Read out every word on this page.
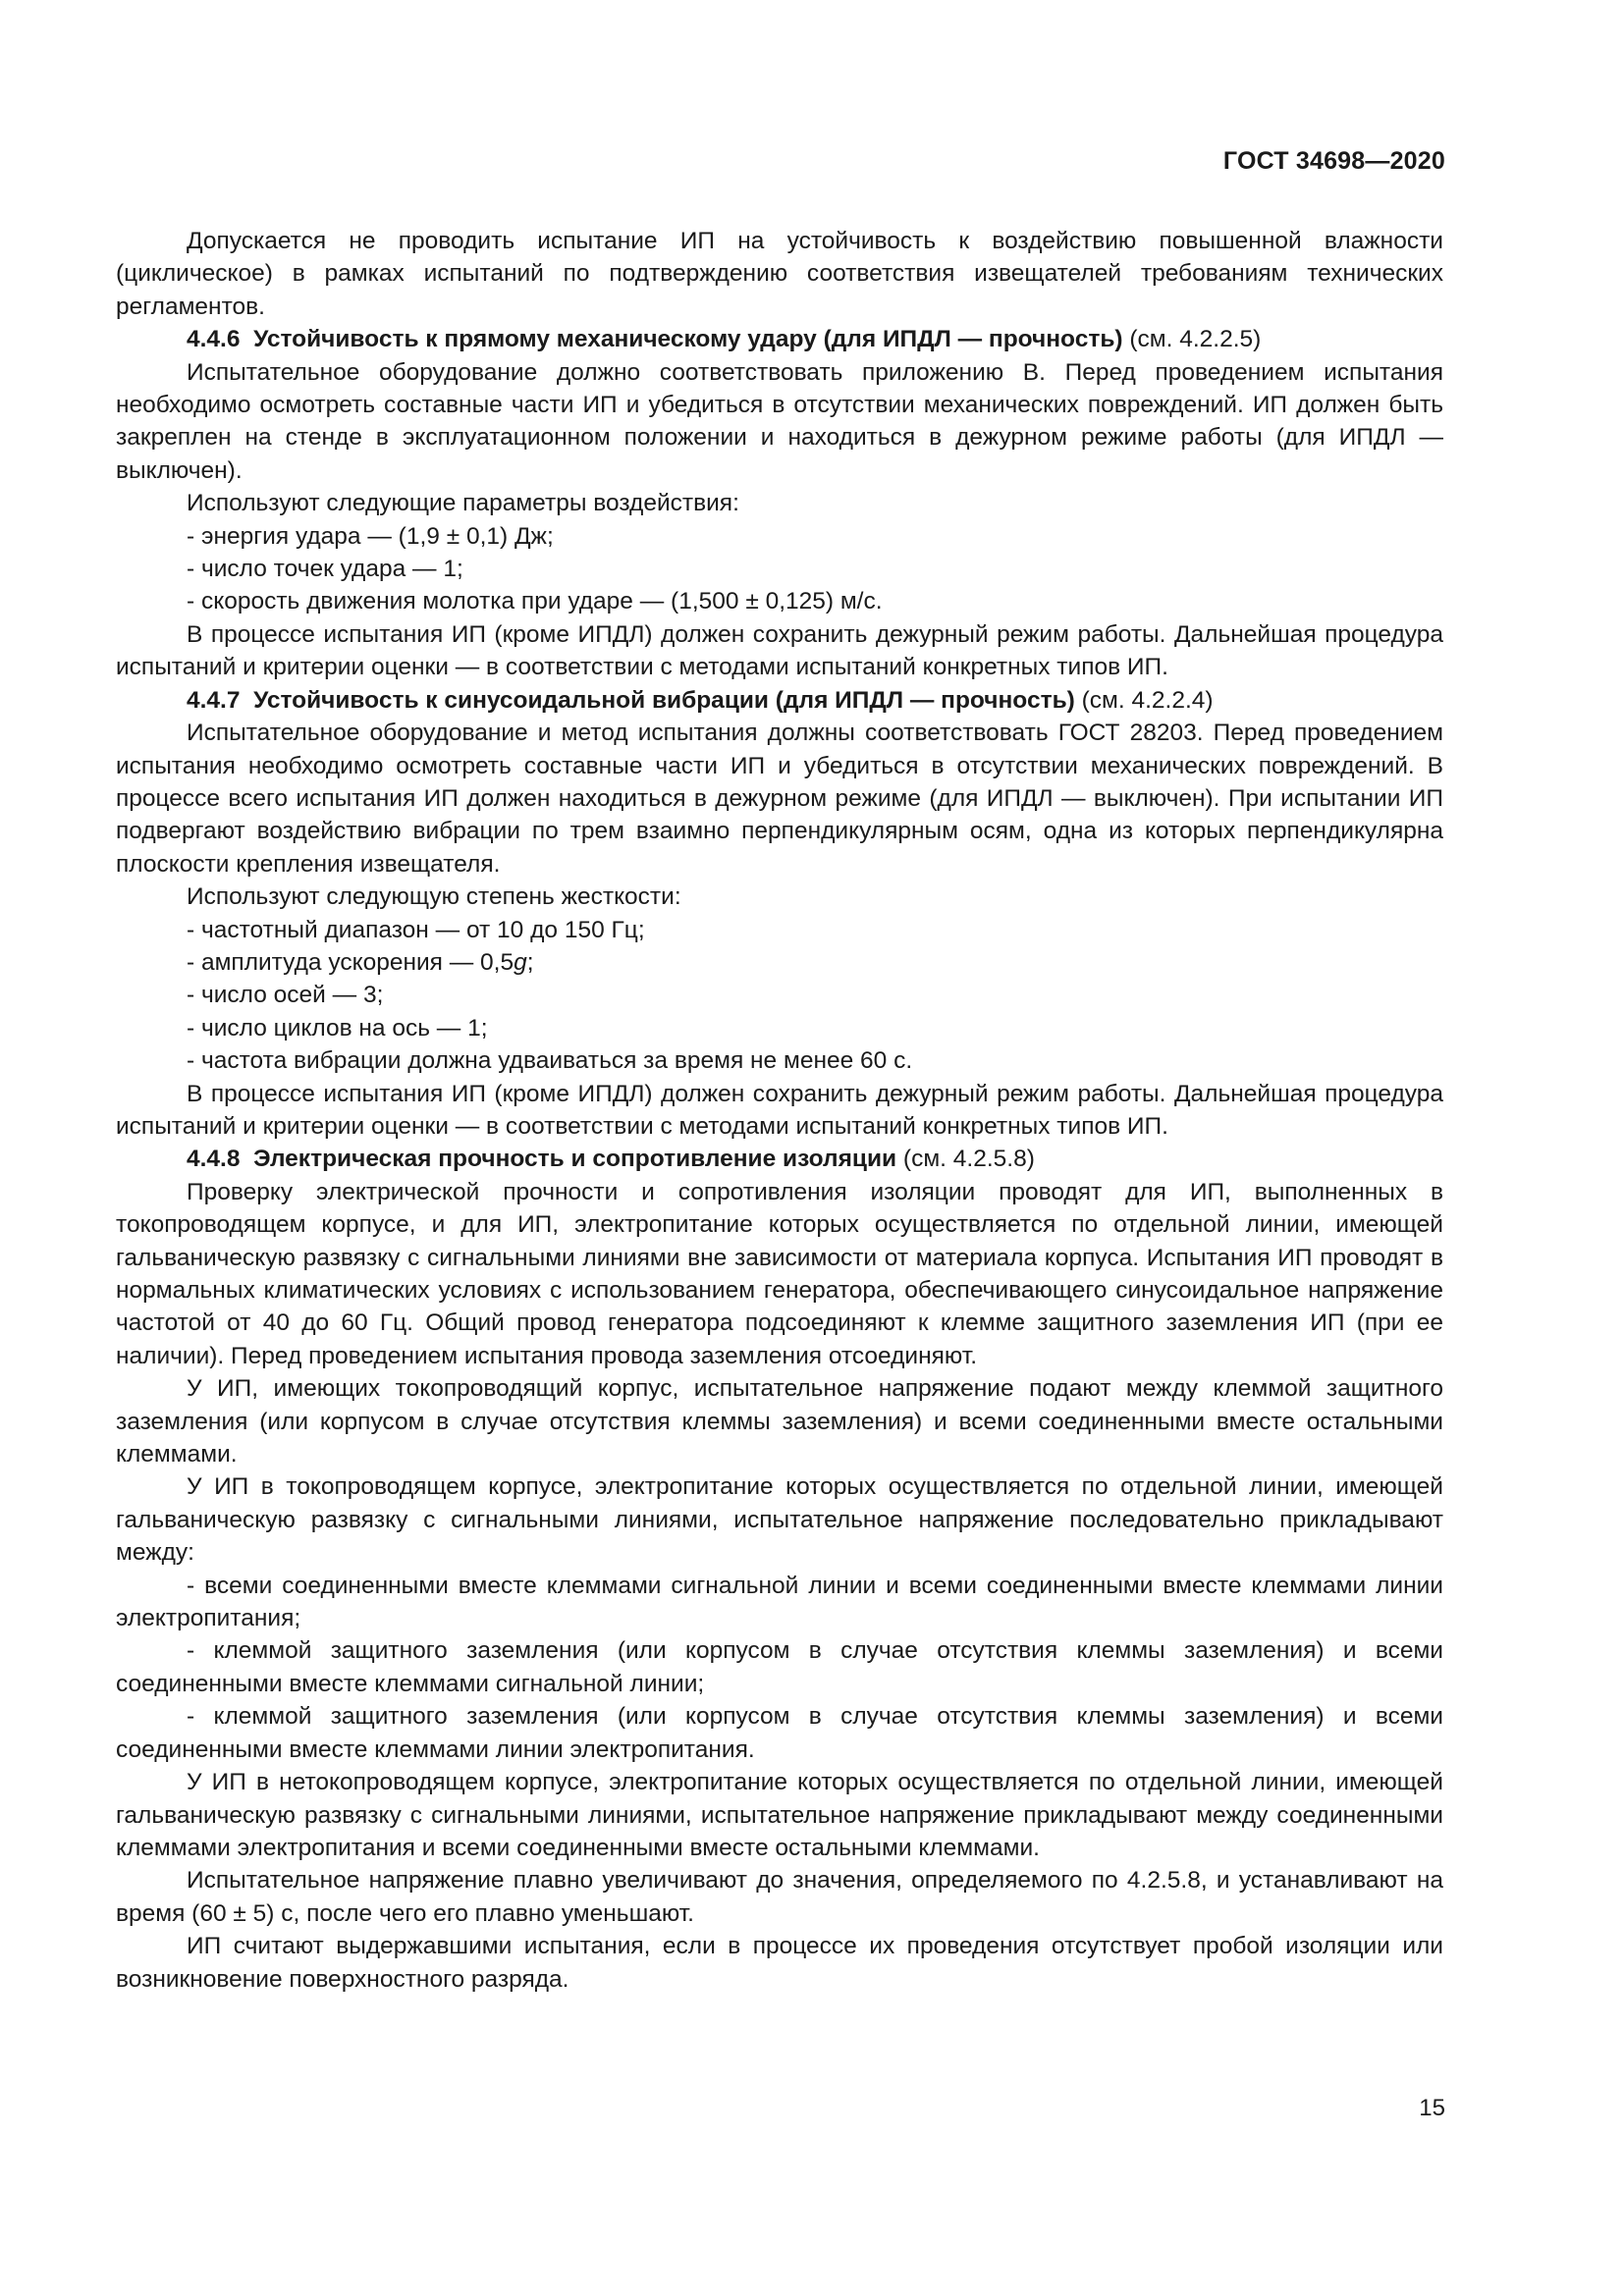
ГОСТ 34698—2020

Допускается не проводить испытание ИП на устойчивость к воздействию повышенной влажности (циклическое) в рамках испытаний по подтверждению соответствия извещателей требованиям технических регламентов.

4.4.6 Устойчивость к прямому механическому удару (для ИПДЛ — прочность) (см. 4.2.2.5)

Испытательное оборудование должно соответствовать приложению В. Перед проведением испытания необходимо осмотреть составные части ИП и убедиться в отсутствии механических повреждений. ИП должен быть закреплен на стенде в эксплуатационном положении и находиться в дежурном режиме работы (для ИПДЛ — выключен).

Используют следующие параметры воздействия:

- энергия удара — (1,9 ± 0,1) Дж;

- число точек удара — 1;

- скорость движения молотка при ударе — (1,500 ± 0,125) м/с.

В процессе испытания ИП (кроме ИПДЛ) должен сохранить дежурный режим работы. Дальнейшая процедура испытаний и критерии оценки — в соответствии с методами испытаний конкретных типов ИП.

4.4.7 Устойчивость к синусоидальной вибрации (для ИПДЛ — прочность) (см. 4.2.2.4)

Испытательное оборудование и метод испытания должны соответствовать ГОСТ 28203. Перед проведением испытания необходимо осмотреть составные части ИП и убедиться в отсутствии механических повреждений. В процессе всего испытания ИП должен находиться в дежурном режиме (для ИПДЛ — выключен). При испытании ИП подвергают воздействию вибрации по трем взаимно перпендикулярным осям, одна из которых перпендикулярна плоскости крепления извещателя.

Используют следующую степень жесткости:

- частотный диапазон — от 10 до 150 Гц;

- амплитуда ускорения — 0,5g;

- число осей — 3;

- число циклов на ось — 1;

- частота вибрации должна удваиваться за время не менее 60 с.

В процессе испытания ИП (кроме ИПДЛ) должен сохранить дежурный режим работы. Дальнейшая процедура испытаний и критерии оценки — в соответствии с методами испытаний конкретных типов ИП.

4.4.8 Электрическая прочность и сопротивление изоляции (см. 4.2.5.8)

Проверку электрической прочности и сопротивления изоляции проводят для ИП, выполненных в токопроводящем корпусе, и для ИП, электропитание которых осуществляется по отдельной линии, имеющей гальваническую развязку с сигнальными линиями вне зависимости от материала корпуса. Испытания ИП проводят в нормальных климатических условиях с использованием генератора, обеспечивающего синусоидальное напряжение частотой от 40 до 60 Гц. Общий провод генератора подсоединяют к клемме защитного заземления ИП (при ее наличии). Перед проведением испытания провода заземления отсоединяют.

У ИП, имеющих токопроводящий корпус, испытательное напряжение подают между клеммой защитного заземления (или корпусом в случае отсутствия клеммы заземления) и всеми соединенными вместе остальными клеммами.

У ИП в токопроводящем корпусе, электропитание которых осуществляется по отдельной линии, имеющей гальваническую развязку с сигнальными линиями, испытательное напряжение последовательно прикладывают между:

- всеми соединенными вместе клеммами сигнальной линии и всеми соединенными вместе клеммами линии электропитания;

- клеммой защитного заземления (или корпусом в случае отсутствия клеммы заземления) и всеми соединенными вместе клеммами сигнальной линии;

- клеммой защитного заземления (или корпусом в случае отсутствия клеммы заземления) и всеми соединенными вместе клеммами линии электропитания.

У ИП в нетокопроводящем корпусе, электропитание которых осуществляется по отдельной линии, имеющей гальваническую развязку с сигнальными линиями, испытательное напряжение прикладывают между соединенными клеммами электропитания и всеми соединенными вместе остальными клеммами.

Испытательное напряжение плавно увеличивают до значения, определяемого по 4.2.5.8, и устанавливают на время (60 ± 5) с, после чего его плавно уменьшают.

ИП считают выдержавшими испытания, если в процессе их проведения отсутствует пробой изоляции или возникновение поверхностного разряда.

15
